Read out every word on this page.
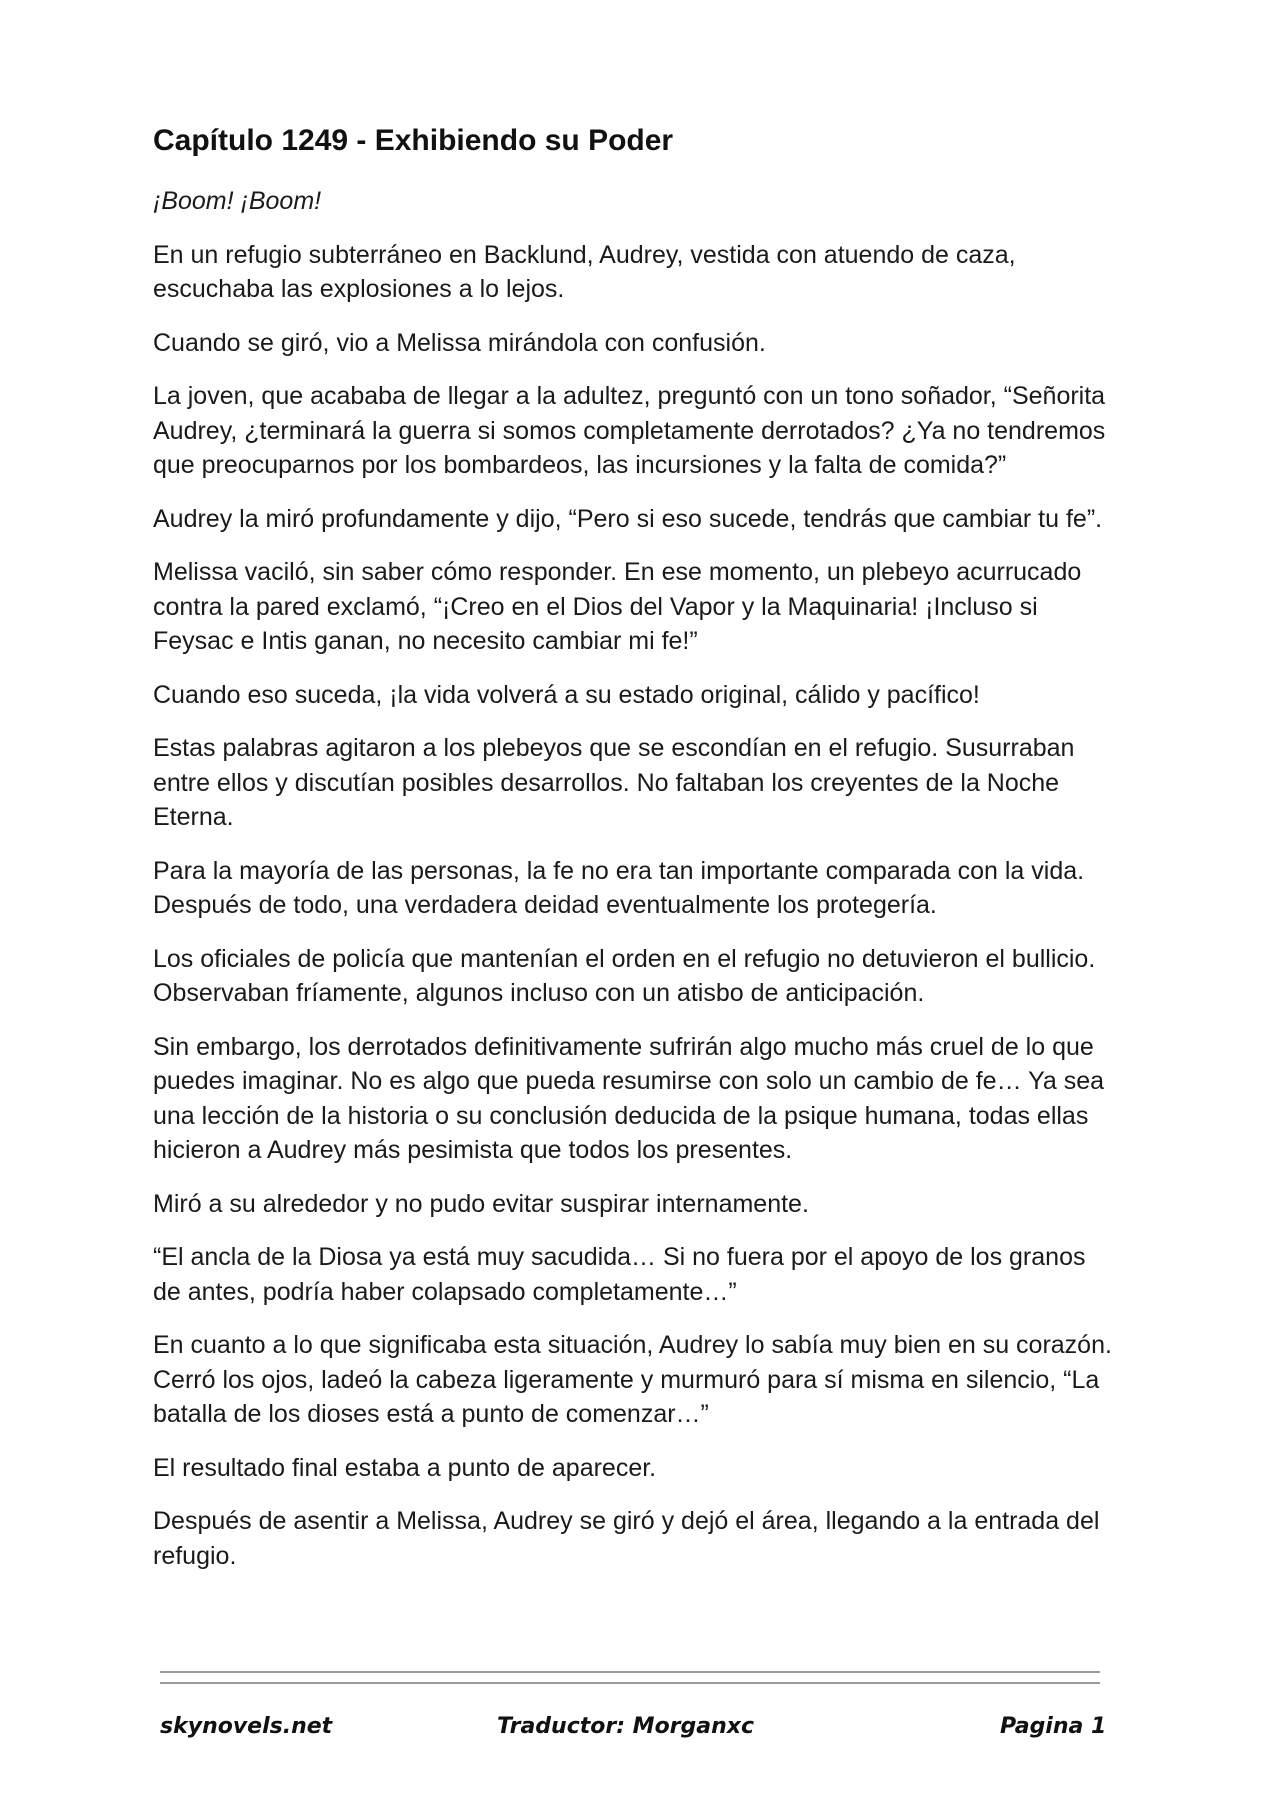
Capítulo 1249 - Exhibiendo su Poder

¡Boom! ¡Boom!

En un refugio subterráneo en Backlund, Audrey, vestida con atuendo de caza, escuchaba las explosiones a lo lejos.

Cuando se giró, vio a Melissa mirándola con confusión.

La joven, que acababa de llegar a la adultez, preguntó con un tono soñador, “Señorita Audrey, ¿terminará la guerra si somos completamente derrotados? ¿Ya no tendremos que preocuparnos por los bombardeos, las incursiones y la falta de comida?”

Audrey la miró profundamente y dijo, “Pero si eso sucede, tendrás que cambiar tu fe”.

Melissa vaciló, sin saber cómo responder. En ese momento, un plebeyo acurrucado contra la pared exclamó, “¡Creo en el Dios del Vapor y la Maquinaria! ¡Incluso si Feysac e Intis ganan, no necesito cambiar mi fe!”

Cuando eso suceda, ¡la vida volverá a su estado original, cálido y pacífico!

Estas palabras agitaron a los plebeyos que se escondían en el refugio. Susurraban entre ellos y discutían posibles desarrollos. No faltaban los creyentes de la Noche Eterna.

Para la mayoría de las personas, la fe no era tan importante comparada con la vida. Después de todo, una verdadera deidad eventualmente los protegería.

Los oficiales de policía que mantenían el orden en el refugio no detuvieron el bullicio. Observaban fríamente, algunos incluso con un atisbo de anticipación.

Sin embargo, los derrotados definitivamente sufrirán algo mucho más cruel de lo que puedes imaginar. No es algo que pueda resumirse con solo un cambio de fe… Ya sea una lección de la historia o su conclusión deducida de la psique humana, todas ellas hicieron a Audrey más pesimista que todos los presentes.

Miró a su alrededor y no pudo evitar suspirar internamente.

“El ancla de la Diosa ya está muy sacudida… Si no fuera por el apoyo de los granos de antes, podría haber colapsado completamente…”

En cuanto a lo que significaba esta situación, Audrey lo sabía muy bien en su corazón. Cerró los ojos, ladeó la cabeza ligeramente y murmuró para sí misma en silencio, “La batalla de los dioses está a punto de comenzar…”

El resultado final estaba a punto de aparecer.

Después de asentir a Melissa, Audrey se giró y dejó el área, llegando a la entrada del refugio.

skynovels.net	Traductor: Morganxc	Pagina 1
